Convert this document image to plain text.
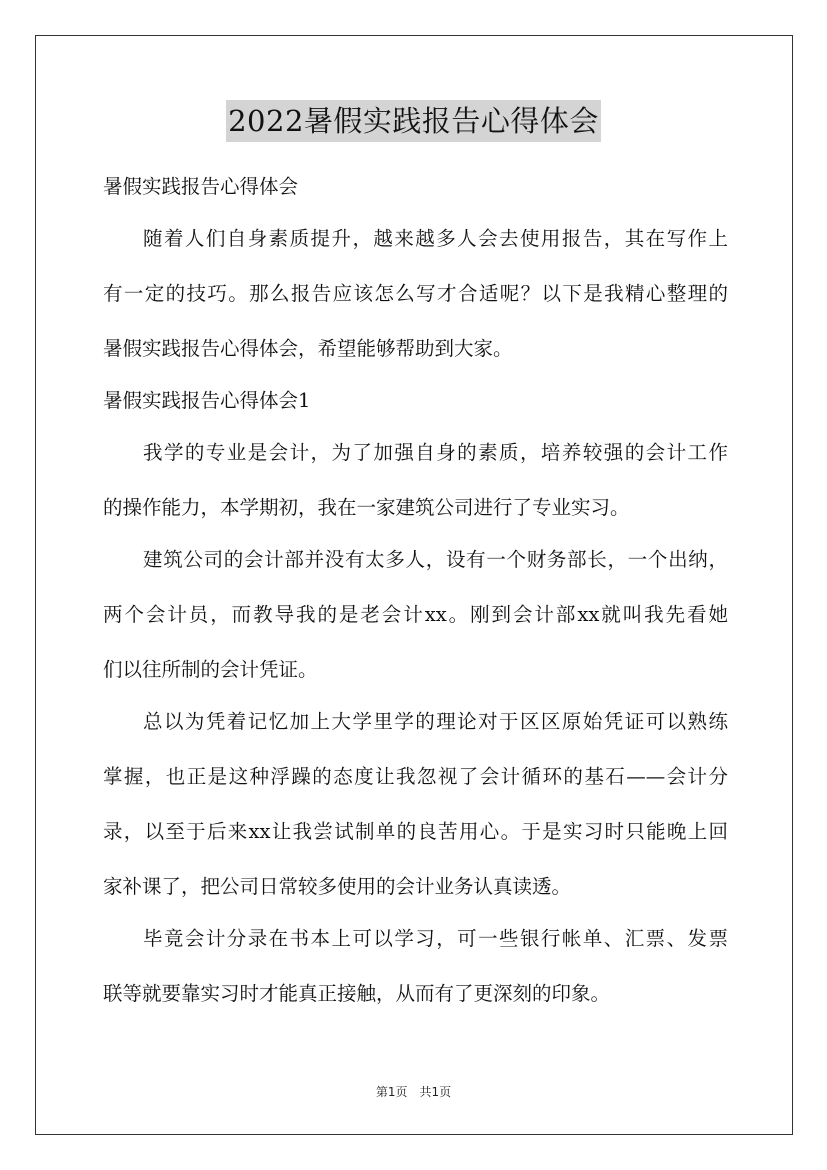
2022暑假实践报告心得体会
暑假实践报告心得体会
随着人们自身素质提升，越来越多人会去使用报告，其在写作上
有一定的技巧。那么报告应该怎么写才合适呢？以下是我精心整理的
暑假实践报告心得体会，希望能够帮助到大家。
暑假实践报告心得体会1
我学的专业是会计，为了加强自身的素质，培养较强的会计工作
的操作能力，本学期初，我在一家建筑公司进行了专业实习。
建筑公司的会计部并没有太多人，设有一个财务部长，一个出纳，
两个会计员，而教导我的是老会计xx。刚到会计部xx就叫我先看她
们以往所制的会计凭证。
总以为凭着记忆加上大学里学的理论对于区区原始凭证可以熟练
掌握，也正是这种浮躁的态度让我忽视了会计循环的基石——会计分
录，以至于后来xx让我尝试制单的良苦用心。于是实习时只能晚上回
家补课了，把公司日常较多使用的会计业务认真读透。
毕竟会计分录在书本上可以学习，可一些银行帐单、汇票、发票
联等就要靠实习时才能真正接触，从而有了更深刻的印象。
第1页 共1页
